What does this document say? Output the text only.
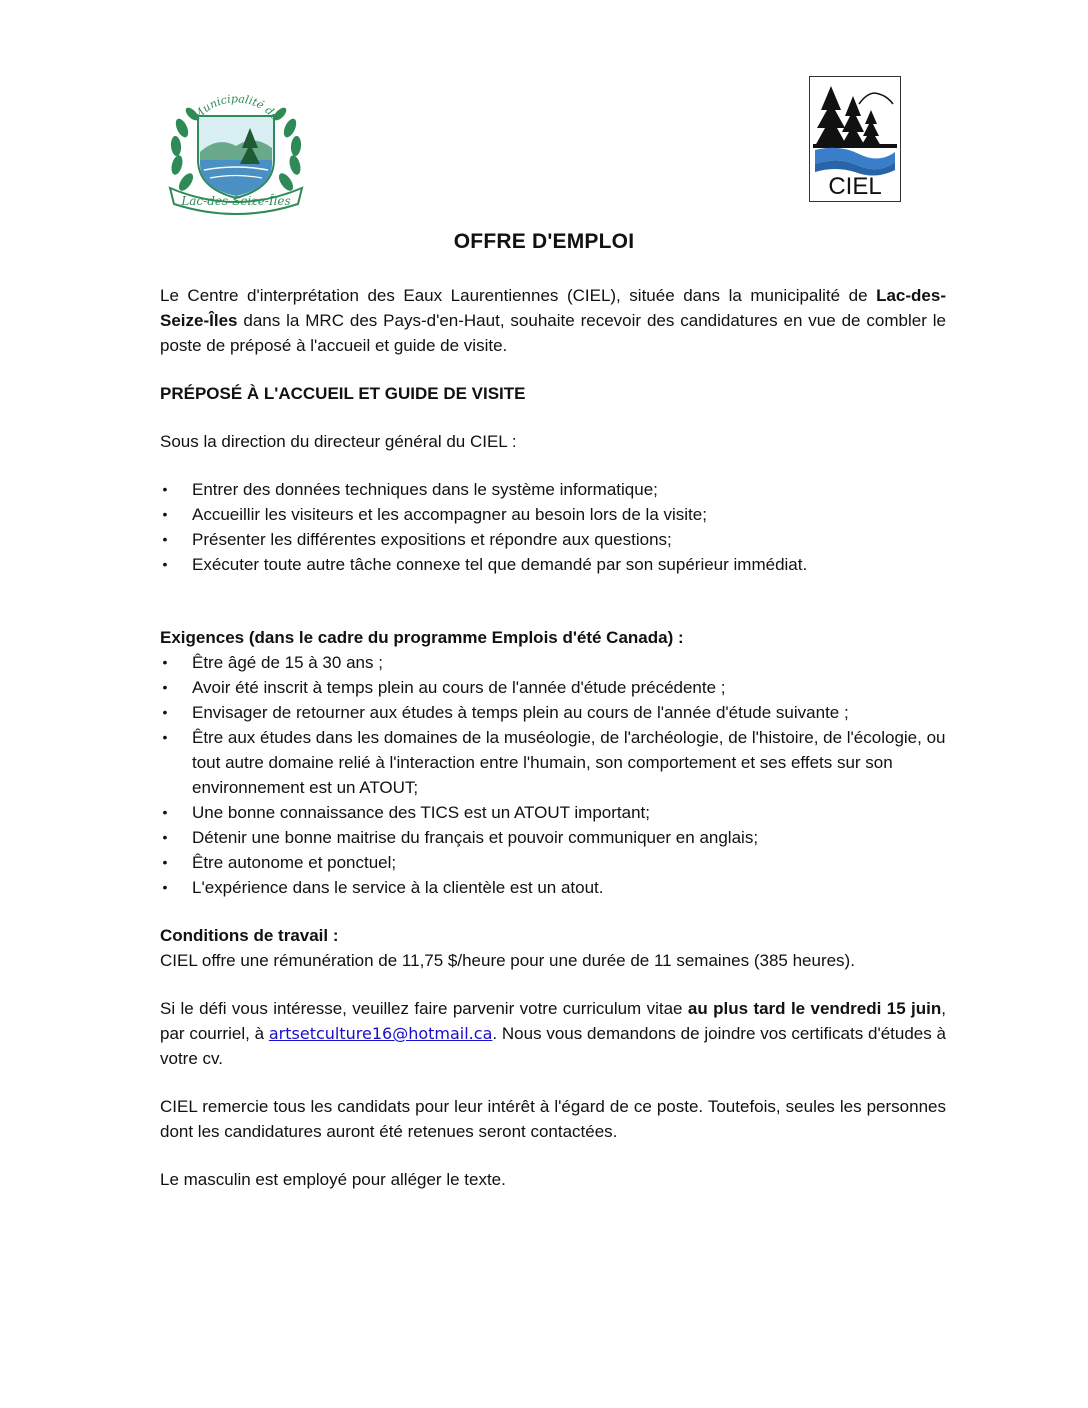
Municipalité de
Lac-des-Seize-Îles
CIEL
OFFRE D'EMPLOI

Le Centre d'interprétation des Eaux Laurentiennes (CIEL), située dans la municipalité de Lac-des-Seize-Îles dans la MRC des Pays-d'en-Haut, souhaite recevoir des candidatures en vue de combler le poste de préposé à l'accueil et guide de visite.

PRÉPOSÉ À L'ACCUEIL ET GUIDE DE VISITE

Sous la direction du directeur général du CIEL :

• Entrer des données techniques dans le système informatique;
• Accueillir les visiteurs et les accompagner au besoin lors de la visite;
• Présenter les différentes expositions et répondre aux questions;
• Exécuter toute autre tâche connexe tel que demandé par son supérieur immédiat.

Exigences (dans le cadre du programme Emplois d'été Canada) :

• Être âgé de 15 à 30 ans ;
• Avoir été inscrit à temps plein au cours de l'année d'étude précédente ;
• Envisager de retourner aux études à temps plein au cours de l'année d'étude suivante ;
• Être aux études dans les domaines de la muséologie, de l'archéologie, de l'histoire, de l'écologie, ou tout autre domaine relié à l'interaction entre l'humain, son comportement et ses effets sur son environnement est un ATOUT;
• Une bonne connaissance des TICS est un ATOUT important;
• Détenir une bonne maitrise du français et pouvoir communiquer en anglais;
• Être autonome et ponctuel;
• L'expérience dans le service à la clientèle est un atout.

Conditions de travail :

CIEL offre une rémunération de 11,75 $/heure pour une durée de 11 semaines (385 heures).

Si le défi vous intéresse, veuillez faire parvenir votre curriculum vitae au plus tard le vendredi 15 juin, par courriel, à artsetculture16@hotmail.ca. Nous vous demandons de joindre vos certificats d'études à votre cv.

CIEL remercie tous les candidats pour leur intérêt à l'égard de ce poste. Toutefois, seules les personnes dont les candidatures auront été retenues seront contactées.

Le masculin est employé pour alléger le texte.
